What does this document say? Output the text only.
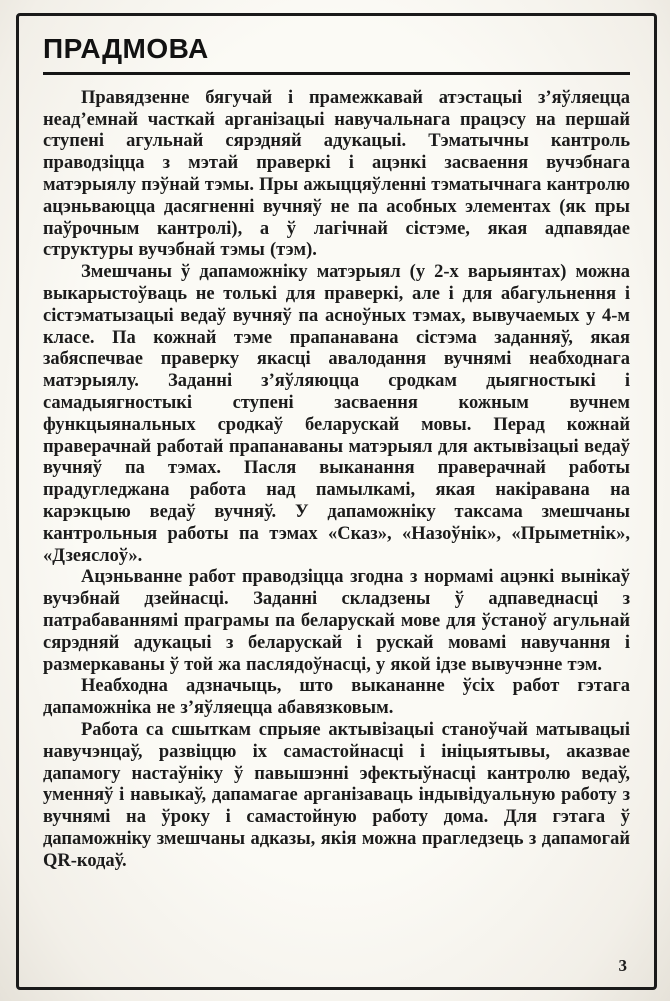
ПРАДМОВА

Правядзенне бягучай і прамежкавай атэстацыі з’яўляецца неад’емнай часткай арганізацыі навучальнага працэсу на першай ступені агульнай сярэдняй адукацыі. Тэматычны кантроль праводзіцца з мэтай праверкі і ацэнкі засваення вучэбнага матэрыялу пэўнай тэмы. Пры ажыццяўленні тэматычнага кантролю ацэньваюцца дасягненні вучняў не па асобных элементах (як пры паўрочным кантролі), а ў лагічнай сістэме, якая адпавядае структуры вучэбнай тэмы (тэм).

Змешчаны ў дапаможніку матэрыял (у 2-х варыянтах) можна выкарыстоўваць не толькі для праверкі, але і для абагульнення і сістэматызацыі ведаў вучняў па асноўных тэмах, вывучаемых у 4-м класе. Па кожнай тэме прапанавана сістэма заданняў, якая забяспечвае праверку якасці авалодання вучнямі неабходнага матэрыялу. Заданні з’яўляюцца сродкам дыягностыкі і самадыягностыкі ступені засваення кожным вучнем функцыянальных сродкаў беларускай мовы. Перад кожнай праверачнай работай прапанаваны матэрыял для актывізацыі ведаў вучняў па тэмах. Пасля выканання праверачнай работы прадугледжана работа над памылкамі, якая накіравана на карэкцыю ведаў вучняў. У дапаможніку таксама змешчаны кантрольныя работы па тэмах «Сказ», «Назоўнік», «Прыметнік», «Дзеяслоў».

Ацэньванне работ праводзіцца згодна з нормамі ацэнкі вынікаў вучэбнай дзейнасці. Заданні складзены ў адпаведнасці з патрабаваннямі праграмы па беларускай мове для ўстаноў агульнай сярэдняй адукацыі з беларускай і рускай мовамі навучання і размеркаваны ў той жа паслядоўнасці, у якой ідзе вывучэнне тэм.

Неабходна адзначыць, што выкананне ўсіх работ гэтага дапаможніка не з’яўляецца абавязковым.

Работа са сшыткам спрыяе актывізацыі станоўчай матывацыі навучэнцаў, развіццю іх самастойнасці і ініцыятывы, аказвае дапамогу настаўніку ў павышэнні эфектыўнасці кантролю ведаў, уменняў і навыкаў, дапамагае арганізаваць індывідуальную работу з вучнямі на ўроку і самастойную работу дома. Для гэтага ў дапаможніку змешчаны адказы, якія можна прагледзець з дапамогай QR-кодаў.

3
